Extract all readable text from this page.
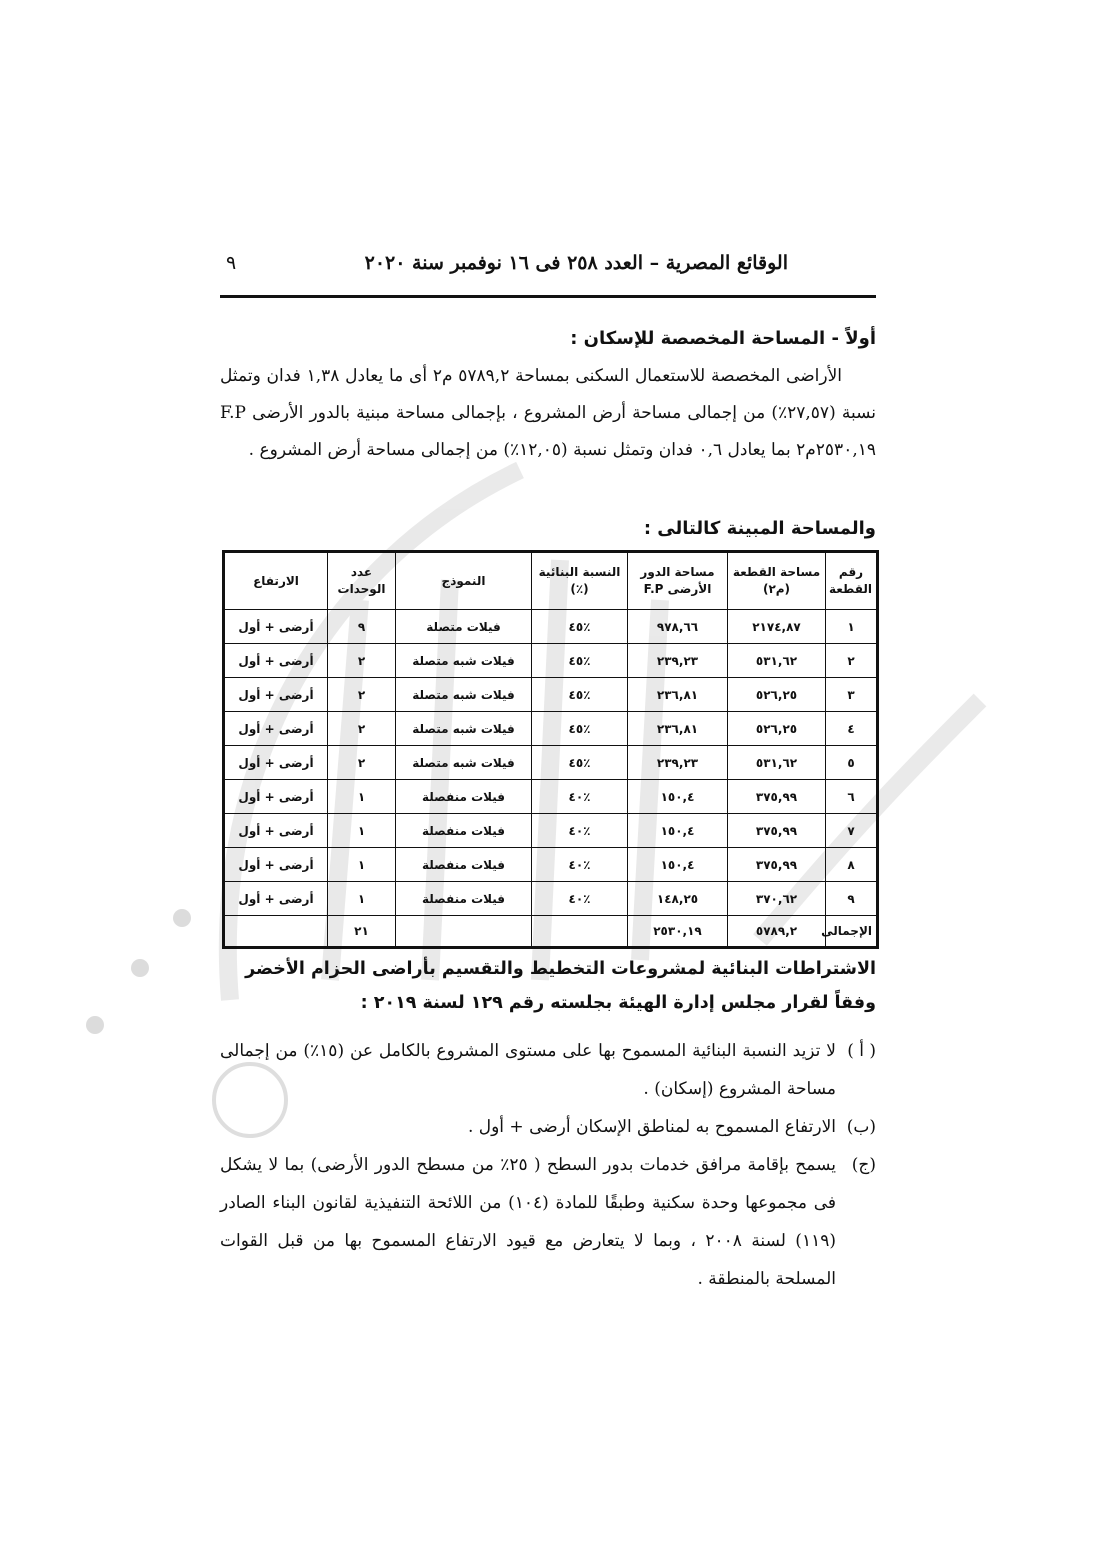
الوقائع المصرية – العدد ٢٥٨ فى ١٦ نوفمبر سنة ٢٠٢٠
٩
أولاً - المساحة المخصصة للإسكان :

الأراضى المخصصة للاستعمال السكنى بمساحة ٥٧٨٩,٢ م٢ أى ما يعادل ١,٣٨ فدان وتمثل نسبة (٢٧,٥٧٪) من إجمالى مساحة أرض المشروع ، بإجمالى مساحة مبنية بالدور الأرضى F.P ٢٥٣٠,١٩م٢ بما يعادل ٠,٦ فدان وتمثل نسبة (١٢,٠٥٪) من إجمالى مساحة أرض المشروع .

والمساحة المبينة كالتالى :
رقم القطعة	مساحة القطعة (م٢)	مساحة الدور الأرضى F.P	النسبة البنائية (٪)	النموذج	عدد الوحدات	الارتفاع
١	٢١٧٤,٨٧	٩٧٨,٦٦	٪٤٥	فيلات متصلة	٩	أرضى + أول
٢	٥٣١,٦٢	٢٣٩,٢٣	٪٤٥	فيلات شبه متصلة	٢	أرضى + أول
٣	٥٢٦,٢٥	٢٣٦,٨١	٪٤٥	فيلات شبه متصلة	٢	أرضى + أول
٤	٥٢٦,٢٥	٢٣٦,٨١	٪٤٥	فيلات شبه متصلة	٢	أرضى + أول
٥	٥٣١,٦٢	٢٣٩,٢٣	٪٤٥	فيلات شبه متصلة	٢	أرضى + أول
٦	٣٧٥,٩٩	١٥٠,٤	٪٤٠	فيلات منفصلة	١	أرضى + أول
٧	٣٧٥,٩٩	١٥٠,٤	٪٤٠	فيلات منفصلة	١	أرضى + أول
٨	٣٧٥,٩٩	١٥٠,٤	٪٤٠	فيلات منفصلة	١	أرضى + أول
٩	٣٧٠,٦٢	١٤٨,٢٥	٪٤٠	فيلات منفصلة	١	أرضى + أول
الإجمالى	٥٧٨٩,٢	٢٥٣٠,١٩			٢١	
الاشتراطات البنائية لمشروعات التخطيط والتقسيم بأراضى الحزام الأخضر
وفقاً لقرار مجلس إدارة الهيئة بجلسته رقم ١٢٩ لسنة ٢٠١٩ :
( أ )
لا تزيد النسبة البنائية المسموح بها على مستوى المشروع بالكامل عن (١٥٪) من إجمالى مساحة المشروع (إسكان) .
(ب)
الارتفاع المسموح به لمناطق الإسكان أرضى + أول .
(ج)
يسمح بإقامة مرافق خدمات بدور السطح ( ٢٥٪ من مسطح الدور الأرضى) بما لا يشكل فى مجموعها وحدة سكنية وطبقًا للمادة (١٠٤) من اللائحة التنفيذية لقانون البناء الصادر (١١٩) لسنة ٢٠٠٨ ، وبما لا يتعارض مع قيود الارتفاع المسموح بها من قبل القوات المسلحة بالمنطقة .
